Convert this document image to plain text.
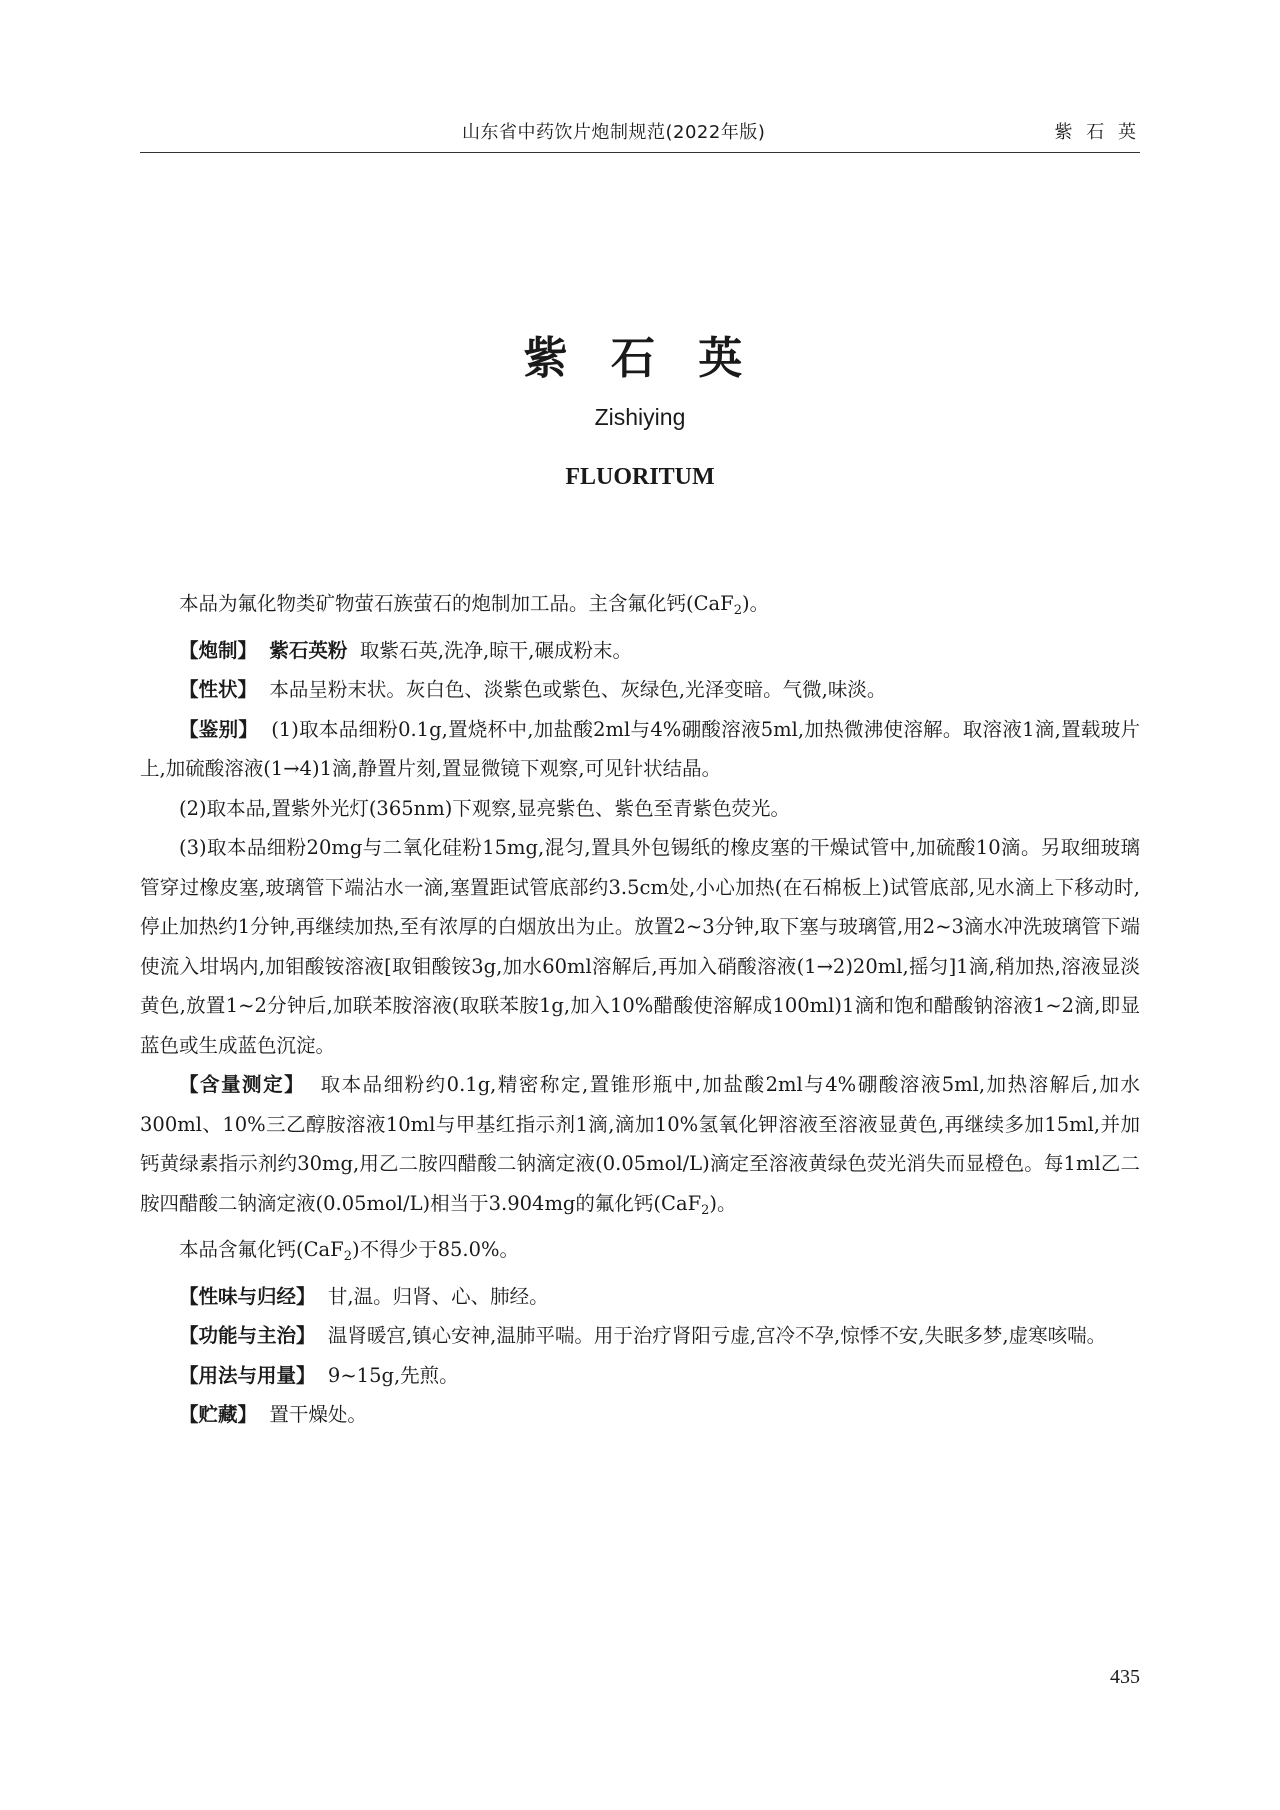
山东省中药饮片炮制规范(2022年版)	紫 石 英
紫 石 英
Zishiying
FLUORITUM

本品为氟化物类矿物萤石族萤石的炮制加工品。主含氟化钙(CaF$_2$)。

【炮制】 紫石英粉 取紫石英,洗净,晾干,碾成粉末。

【性状】 本品呈粉末状。灰白色、淡紫色或紫色、灰绿色,光泽变暗。气微,味淡。

【鉴别】 (1)取本品细粉0.1g,置烧杯中,加盐酸2ml与4%硼酸溶液5ml,加热微沸使溶解。取溶液1滴,置载玻片上,加硫酸溶液(1→4)1滴,静置片刻,置显微镜下观察,可见针状结晶。

(2)取本品,置紫外光灯(365nm)下观察,显亮紫色、紫色至青紫色荧光。

(3)取本品细粉20mg与二氧化硅粉15mg,混匀,置具外包锡纸的橡皮塞的干燥试管中,加硫酸10滴。另取细玻璃管穿过橡皮塞,玻璃管下端沾水一滴,塞置距试管底部约3.5cm处,小心加热(在石棉板上)试管底部,见水滴上下移动时,停止加热约1分钟,再继续加热,至有浓厚的白烟放出为止。放置2~3分钟,取下塞与玻璃管,用2~3滴水冲洗玻璃管下端使流入坩埚内,加钼酸铵溶液[取钼酸铵3g,加水60ml溶解后,再加入硝酸溶液(1→2)20ml,摇匀]1滴,稍加热,溶液显淡黄色,放置1~2分钟后,加联苯胺溶液(取联苯胺1g,加入10%醋酸使溶解成100ml)1滴和饱和醋酸钠溶液1~2滴,即显蓝色或生成蓝色沉淀。

【含量测定】 取本品细粉约0.1g,精密称定,置锥形瓶中,加盐酸2ml与4%硼酸溶液5ml,加热溶解后,加水300ml、10%三乙醇胺溶液10ml与甲基红指示剂1滴,滴加10%氢氧化钾溶液至溶液显黄色,再继续多加15ml,并加钙黄绿素指示剂约30mg,用乙二胺四醋酸二钠滴定液(0.05mol/L)滴定至溶液黄绿色荧光消失而显橙色。每1ml乙二胺四醋酸二钠滴定液(0.05mol/L)相当于3.904mg的氟化钙(CaF$_2$)。

本品含氟化钙(CaF$_2$)不得少于85.0%。

【性味与归经】 甘,温。归肾、心、肺经。

【功能与主治】 温肾暖宫,镇心安神,温肺平喘。用于治疗肾阳亏虚,宫冷不孕,惊悸不安,失眠多梦,虚寒咳喘。

【用法与用量】 9~15g,先煎。

【贮藏】 置干燥处。

435
